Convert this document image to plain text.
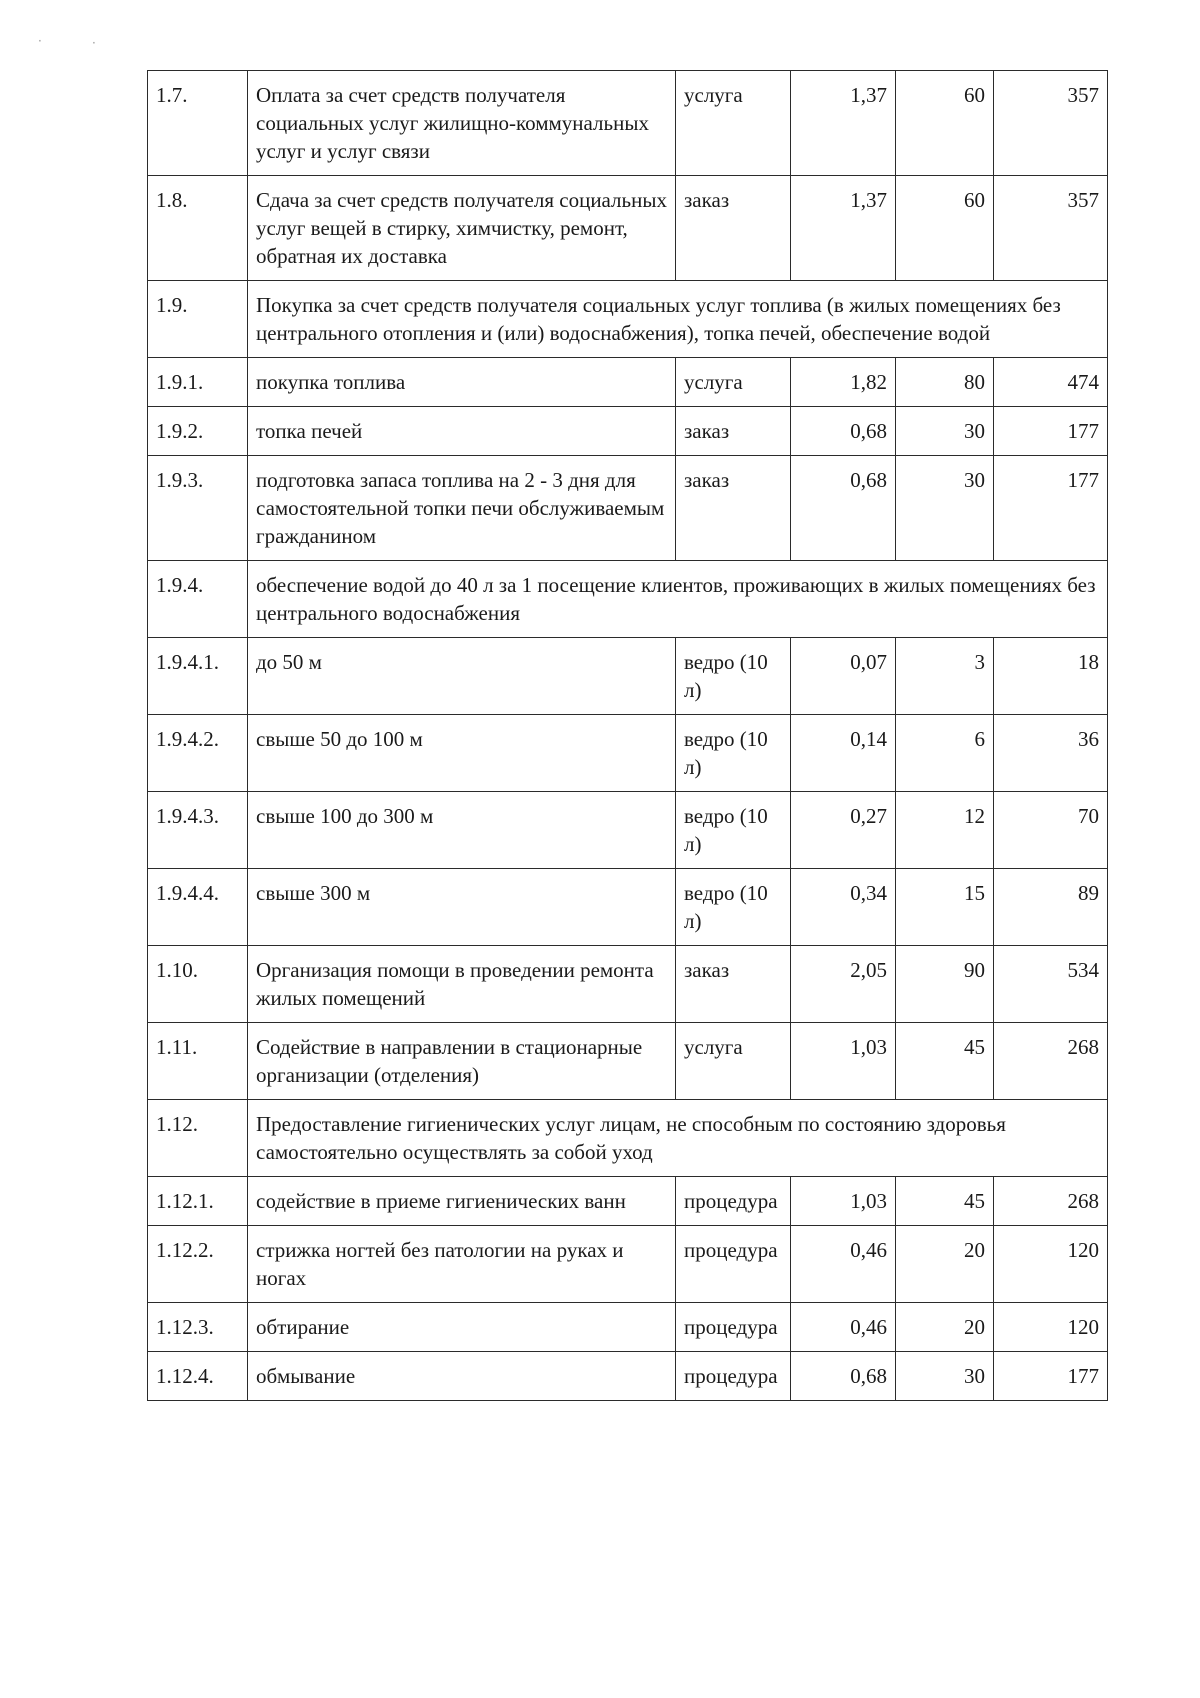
·	·
1.7.	Оплата за счет средств получателя социальных услуг жилищно-коммунальных услуг и услуг связи	услуга	1,37	60	357
1.8.	Сдача за счет средств получателя социальных услуг вещей в стирку, химчистку, ремонт, обратная их доставка	заказ	1,37	60	357
1.9.	Покупка за счет средств получателя социальных услуг топлива (в жилых помещениях без центрального отопления и (или) водоснабжения), топка печей, обеспечение водой				
1.9.1.	покупка топлива	услуга	1,82	80	474
1.9.2.	топка печей	заказ	0,68	30	177
1.9.3.	подготовка запаса топлива на 2 - 3 дня для самостоятельной топки печи обслуживаемым гражданином	заказ	0,68	30	177
1.9.4.	обеспечение водой до 40 л за 1 посещение клиентов, проживающих в жилых помещениях без центрального водоснабжения				
1.9.4.1.	до 50 м	ведро (10 л)	0,07	3	18
1.9.4.2.	свыше 50 до 100 м	ведро (10 л)	0,14	6	36
1.9.4.3.	свыше 100 до 300 м	ведро (10 л)	0,27	12	70
1.9.4.4.	свыше 300 м	ведро (10 л)	0,34	15	89
1.10.	Организация помощи в проведении ремонта жилых помещений	заказ	2,05	90	534
1.11.	Содействие в направлении в стационарные организации (отделения)	услуга	1,03	45	268
1.12.	Предоставление гигиенических услуг лицам, не способным по состоянию здоровья самостоятельно осуществлять за собой уход				
1.12.1.	содействие в приеме гигиенических ванн	процедура	1,03	45	268
1.12.2.	стрижка ногтей без патологии на руках и ногах	процедура	0,46	20	120
1.12.3.	обтирание	процедура	0,46	20	120
1.12.4.	обмывание	процедура	0,68	30	177
